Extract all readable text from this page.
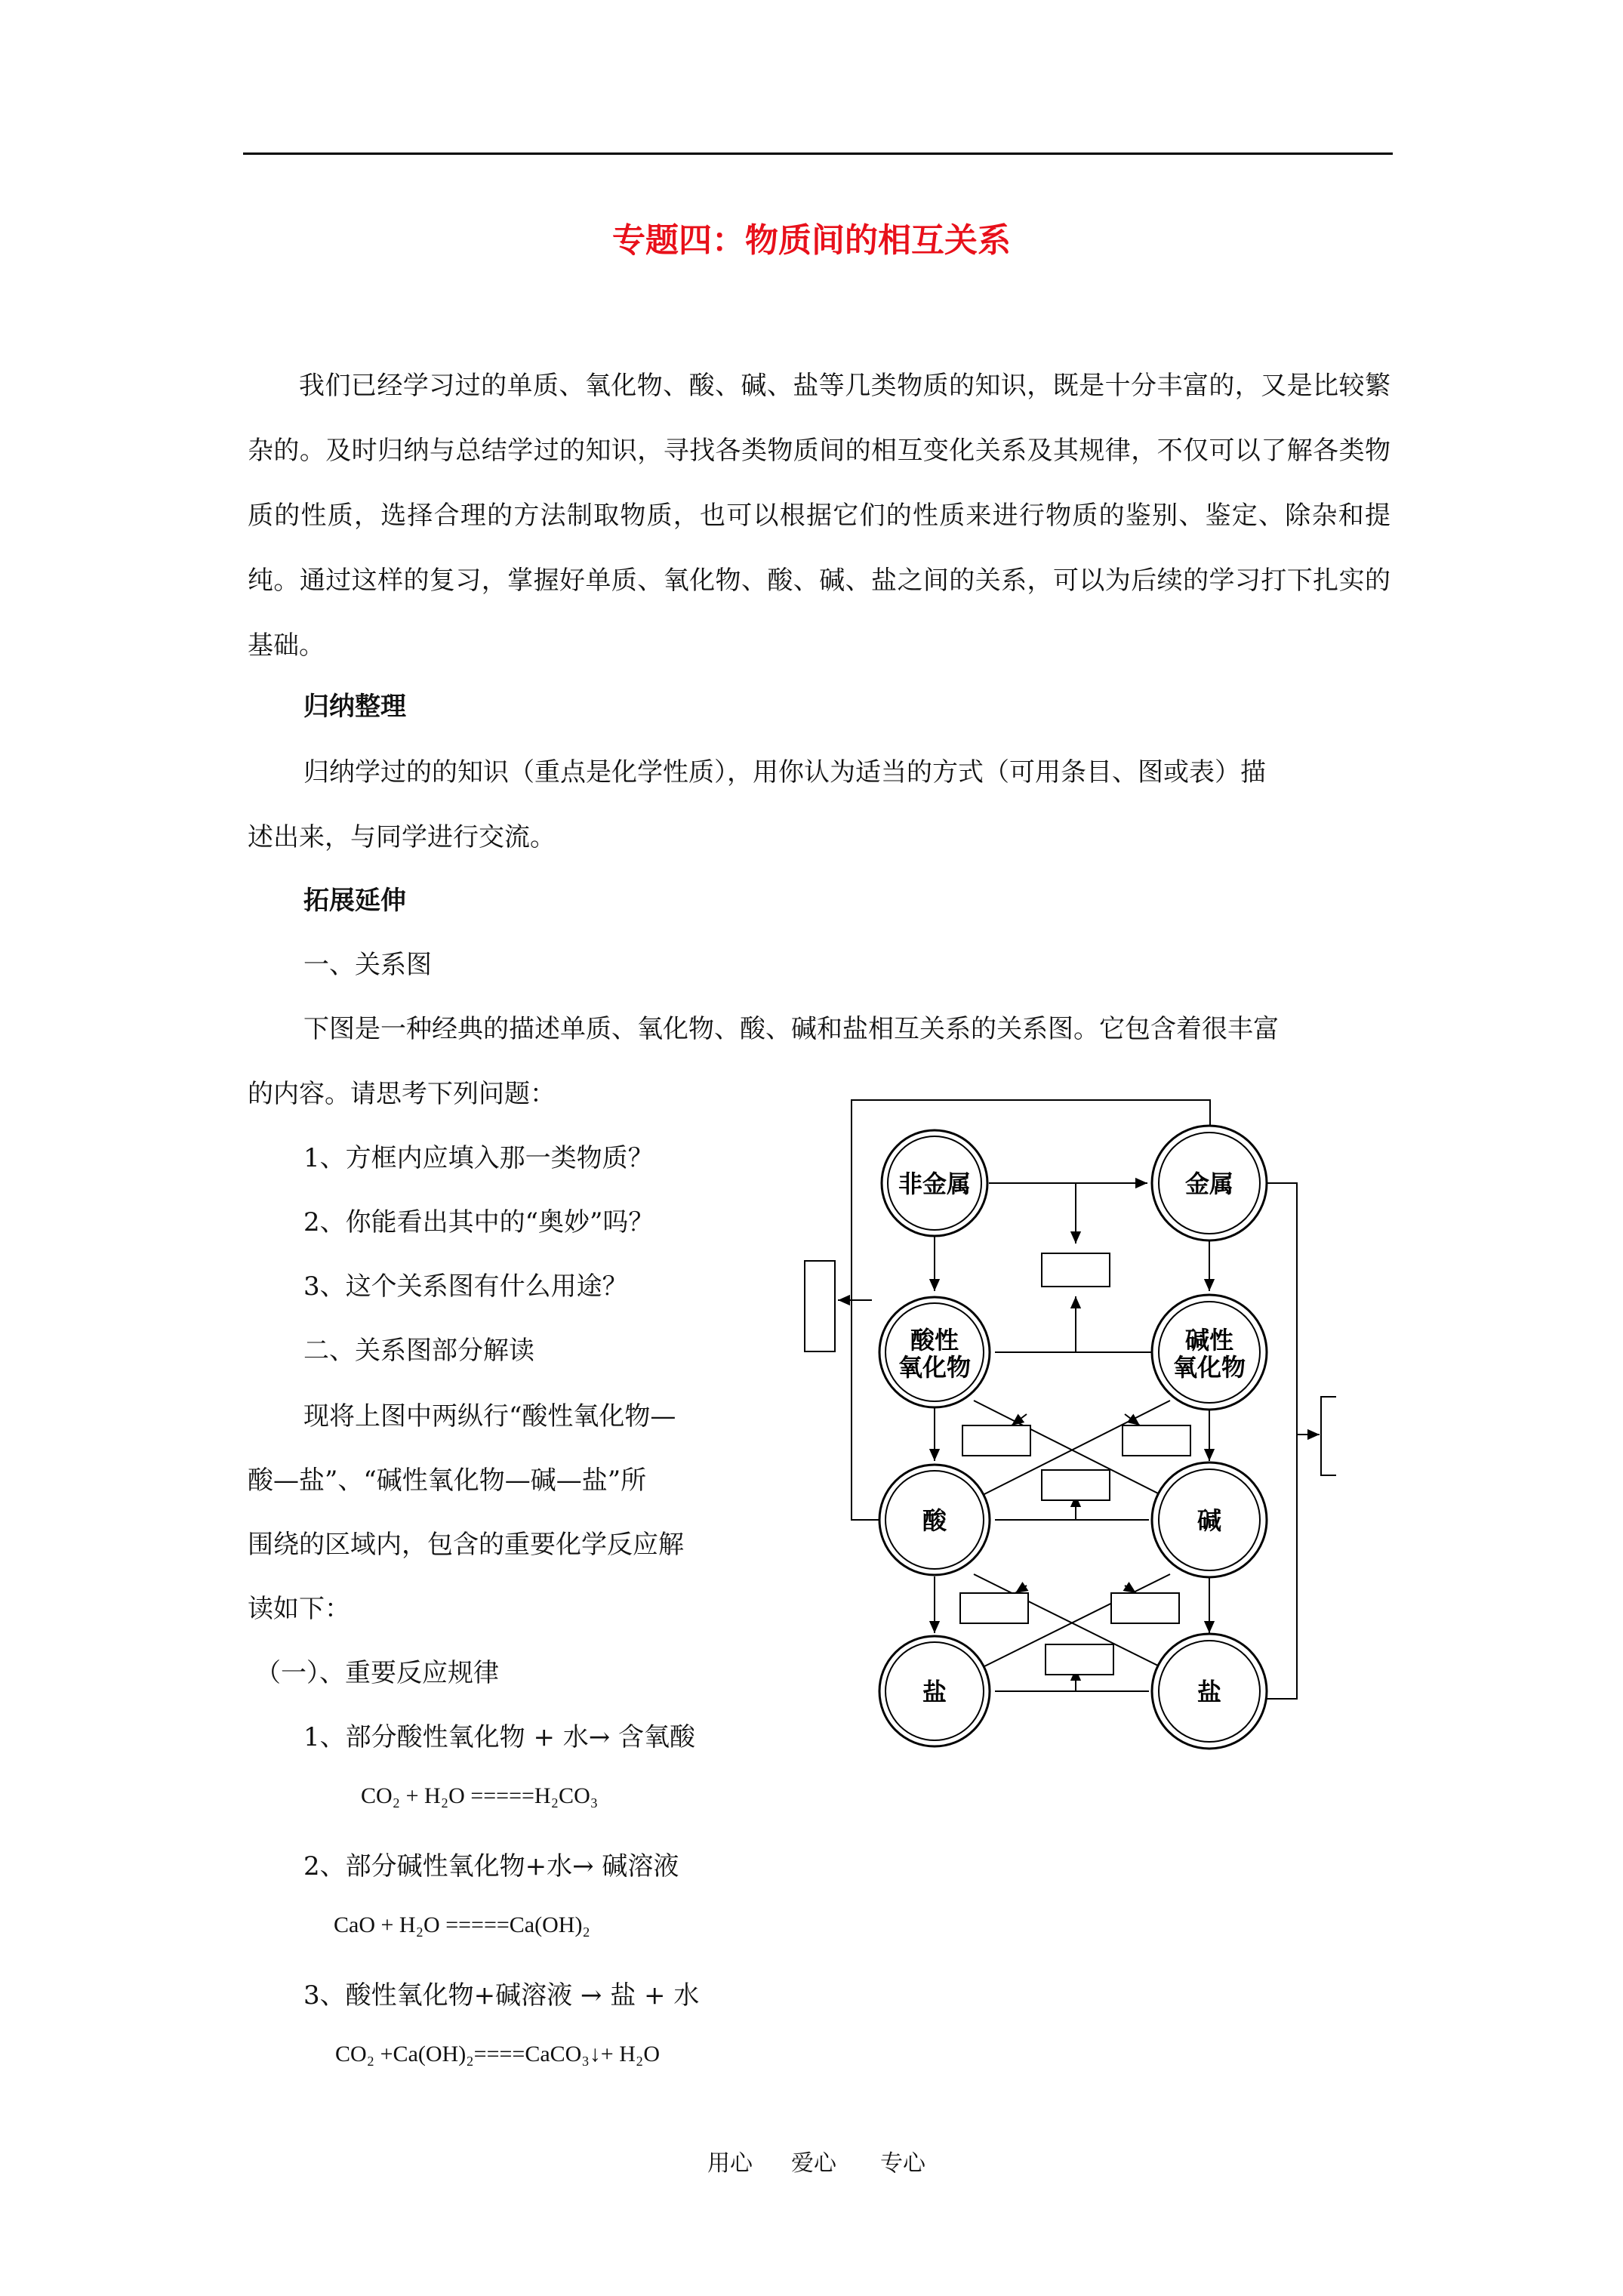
专题四：物质间的相互关系

我们已经学习过的单质、氧化物、酸、碱、盐等几类物质的知识，既是十分丰富的，又是比较繁杂的。及时归纳与总结学过的知识，寻找各类物质间的相互变化关系及其规律，不仅可以了解各类物质的性质，选择合理的方法制取物质，也可以根据它们的性质来进行物质的鉴别、鉴定、除杂和提纯。通过这样的复习，掌握好单质、氧化物、酸、碱、盐之间的关系，可以为后续的学习打下扎实的基础。

归纳整理
归纳学过的的知识（重点是化学性质），用你认为适当的方式（可用条目、图或表）描
述出来，与同学进行交流。
拓展延伸
一、关系图
下图是一种经典的描述单质、氧化物、酸、碱和盐相互关系的关系图。它包含着很丰富
的内容。请思考下列问题：
1、方框内应填入那一类物质？
2、你能看出其中的“奥妙”吗？
3、这个关系图有什么用途？
二、关系图部分解读
现将上图中两纵行“酸性氧化物—
酸—盐”、“碱性氧化物—碱—盐”所
围绕的区域内，包含的重要化学反应解
读如下：
（一）、重要反应规律
1、部分酸性氧化物 + 水→ 含氧酸
CO₂ + H₂O =====H₂CO₃
2、部分碱性氧化物+水→ 碱溶液
CaO + H₂O =====Ca(OH)₂
3、酸性氧化物+碱溶液 → 盐 + 水
CO₂ +Ca(OH)₂====CaCO₃↓+ H₂O
非金属	金属
酸性
氧化物
碱性
氧化物
酸	碱
盐	盐
用心 爱心 专心
